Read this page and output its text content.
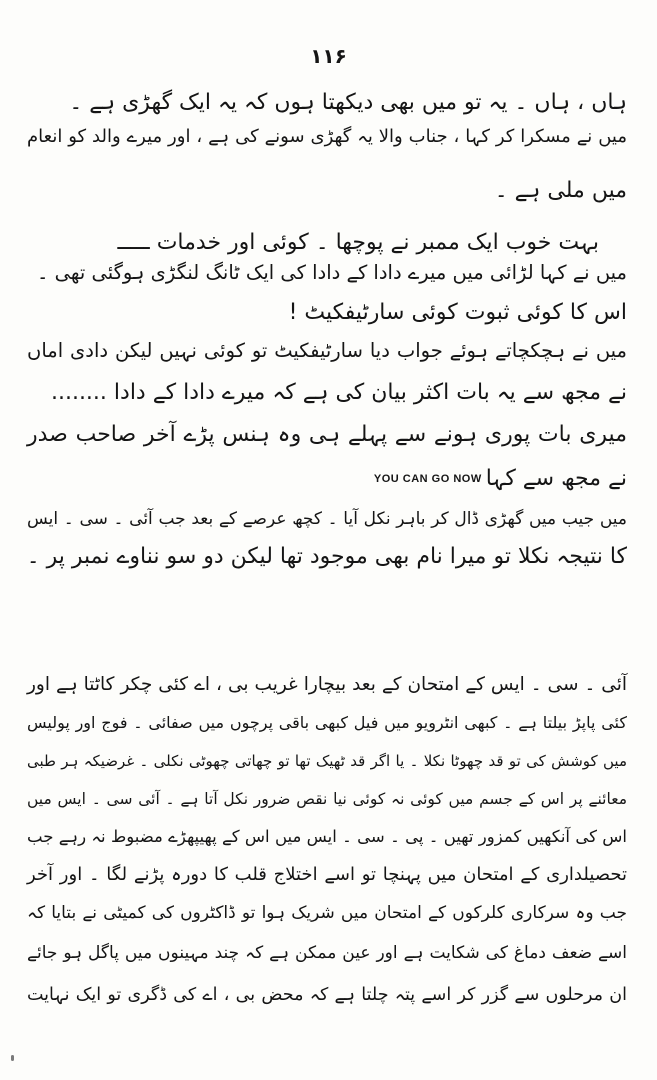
۱۱۶
ہاں ، ہاں ۔ یہ تو میں بھی دیکھتا ہوں کہ یہ ایک گھڑی ہے ۔
میں نے مسکرا کر کہا ، جناب والا یہ گھڑی سونے کی ہے ، اور میرے والد کو انعام
میں ملی ہے ۔
بہت خوب ایک ممبر نے پوچھا ۔ کوئی اور خدمات ـــــ
میں نے کہا لڑائی میں میرے دادا کے دادا کی ایک ٹانگ لنگڑی ہوگئی تھی ۔
اس کا کوئی ثبوت کوئی سارٹیفکیٹ !
میں نے ہچکچاتے ہوئے جواب دیا سارٹیفکیٹ تو کوئی نہیں لیکن دادی اماں
نے مجھ سے یہ بات اکثر بیان کی ہے کہ میرے دادا کے دادا ........
میری بات پوری ہونے سے پہلے ہی وہ ہنس پڑے آخر صاحب صدر
نے مجھ سے کہاYOU CAN GO NOW
میں جیب میں گھڑی ڈال کر باہر نکل آیا ۔ کچھ عرصے کے بعد جب آئی ۔ سی ۔ ایس
کا نتیجہ نکلا تو میرا نام بھی موجود تھا لیکن دو سو نناوے نمبر پر ۔
آئی ۔ سی ۔ ایس کے امتحان کے بعد بیچارا غریب بی ، اے کئی چکر کاٹتا ہے اور
کئی پاپڑ بیلتا ہے ۔ کبھی انٹرویو میں فیل کبھی باقی پرچوں میں صفائی ۔ فوج اور پولیس
میں کوشش کی تو قد چھوٹا نکلا ۔ یا اگر قد ٹھیک تھا تو چھاتی چھوٹی نکلی ۔ غرضیکہ ہر طبی
معائنے پر اس کے جسم میں کوئی نہ کوئی نیا نقص ضرور نکل آتا ہے ۔ آئی سی ۔ ایس میں
اس کی آنکھیں کمزور تھیں ۔ پی ۔ سی ۔ ایس میں اس کے پھیپھڑے مضبوط نہ رہے جب
تحصیلداری کے امتحان میں پہنچا تو اسے اختلاج قلب کا دورہ پڑنے لگا ۔ اور آخر
جب وہ سرکاری کلرکوں کے امتحان میں شریک ہوا تو ڈاکٹروں کی کمیٹی نے بتایا کہ
اسے ضعف دماغ کی شکایت ہے اور عین ممکن ہے کہ چند مہینوں میں پاگل ہو جائے
ان مرحلوں سے گزر کر اسے پتہ چلتا ہے کہ محض بی ، اے کی ڈگری تو ایک نہایت
